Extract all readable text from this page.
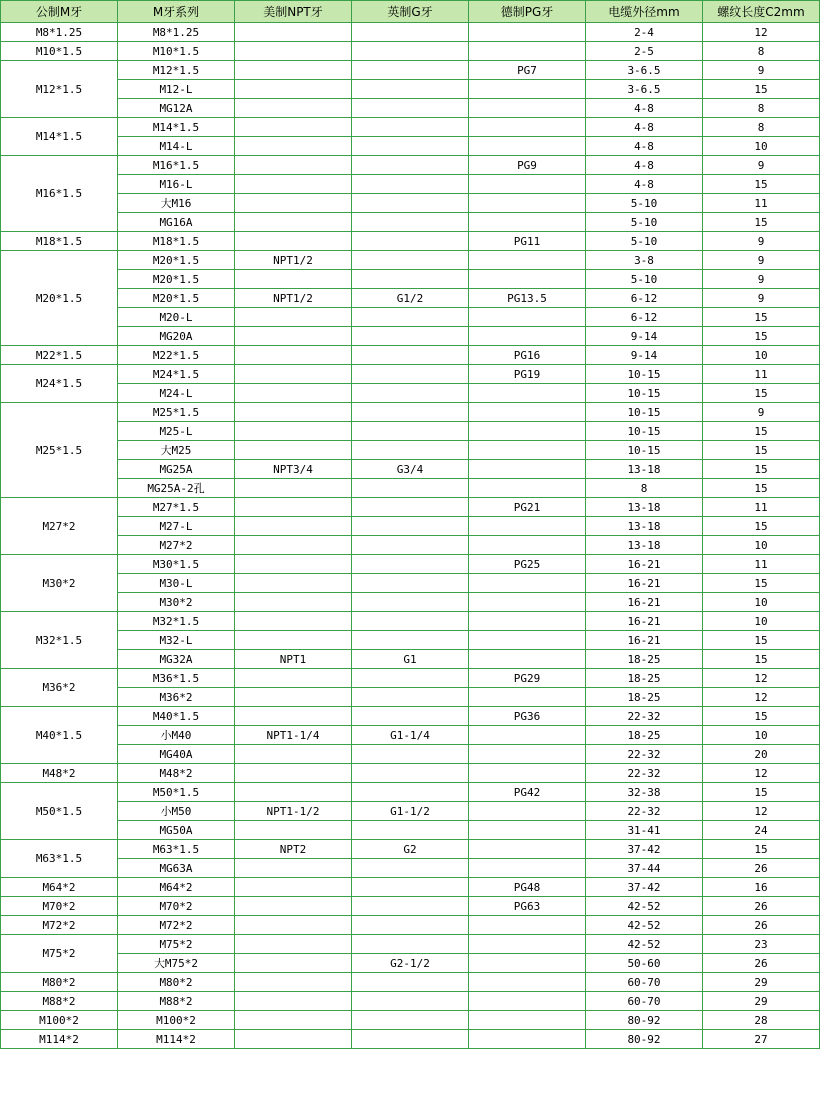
公制M牙	M牙系列	美制NPT牙	英制G牙	德制PG牙	电缆外径mm	螺纹长度C2mm
M8*1.25	M8*1.25				2-4	12
M10*1.5	M10*1.5				2-5	8
M12*1.5	M12*1.5			PG7	3-6.5	9
	M12-L				3-6.5	15
	MG12A				4-8	8
M14*1.5	M14*1.5				4-8	8
	M14-L				4-8	10
M16*1.5	M16*1.5			PG9	4-8	9
	M16-L				4-8	15
	大M16				5-10	11
	MG16A				5-10	15
M18*1.5	M18*1.5			PG11	5-10	9
M20*1.5	M20*1.5	NPT1/2			3-8	9
	M20*1.5				5-10	9
	M20*1.5	NPT1/2	G1/2	PG13.5	6-12	9
	M20-L				6-12	15
	MG20A				9-14	15
M22*1.5	M22*1.5			PG16	9-14	10
M24*1.5	M24*1.5			PG19	10-15	11
	M24-L				10-15	15
M25*1.5	M25*1.5				10-15	9
	M25-L				10-15	15
	大M25				10-15	15
	MG25A	NPT3/4	G3/4		13-18	15
	MG25A-2孔				8	15
M27*2	M27*1.5			PG21	13-18	11
	M27-L				13-18	15
	M27*2				13-18	10
M30*2	M30*1.5			PG25	16-21	11
	M30-L				16-21	15
	M30*2				16-21	10
M32*1.5	M32*1.5				16-21	10
	M32-L				16-21	15
	MG32A	NPT1	G1		18-25	15
M36*2	M36*1.5			PG29	18-25	12
	M36*2				18-25	12
M40*1.5	M40*1.5			PG36	22-32	15
	小M40	NPT1-1/4	G1-1/4		18-25	10
	MG40A				22-32	20
M48*2	M48*2				22-32	12
M50*1.5	M50*1.5			PG42	32-38	15
	小M50	NPT1-1/2	G1-1/2		22-32	12
	MG50A				31-41	24
M63*1.5	M63*1.5	NPT2	G2		37-42	15
	MG63A				37-44	26
M64*2	M64*2			PG48	37-42	16
M70*2	M70*2			PG63	42-52	26
M72*2	M72*2				42-52	26
M75*2	M75*2				42-52	23
	大M75*2		G2-1/2		50-60	26
M80*2	M80*2				60-70	29
M88*2	M88*2				60-70	29
M100*2	M100*2				80-92	28
M114*2	M114*2				80-92	27
